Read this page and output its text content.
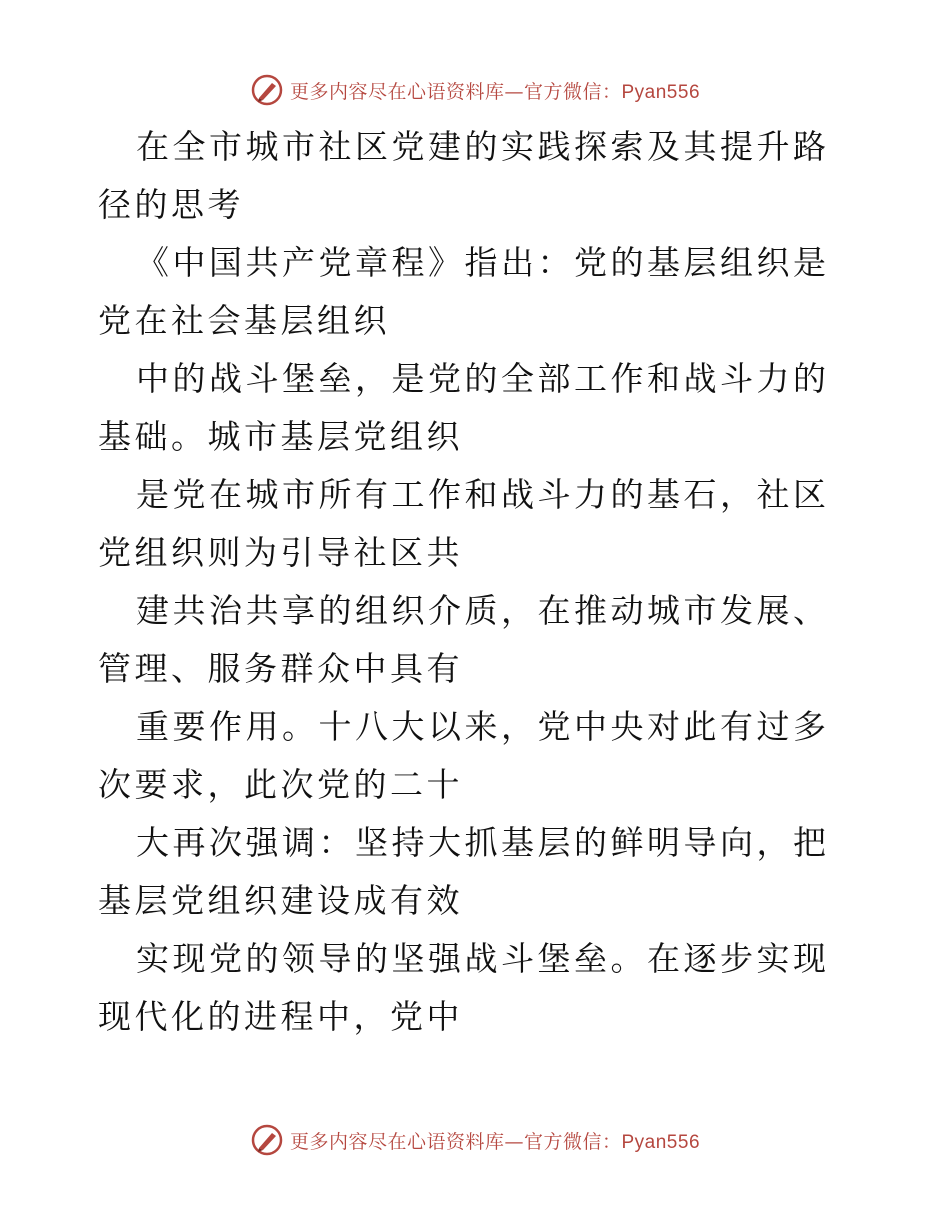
更多内容尽在心语资料库—官方微信：Pyan556

在全市城市社区党建的实践探索及其提升路径的思考

《中国共产党章程》指出：党的基层组织是党在社会基层组织

中的战斗堡垒，是党的全部工作和战斗力的基础。城市基层党组织

是党在城市所有工作和战斗力的基石，社区党组织则为引导社区共

建共治共享的组织介质，在推动城市发展、管理、服务群众中具有

重要作用。十八大以来，党中央对此有过多次要求，此次党的二十

大再次强调：坚持大抓基层的鲜明导向，把基层党组织建设成有效

实现党的领导的坚强战斗堡垒。在逐步实现现代化的进程中，党中

更多内容尽在心语资料库—官方微信：Pyan556
